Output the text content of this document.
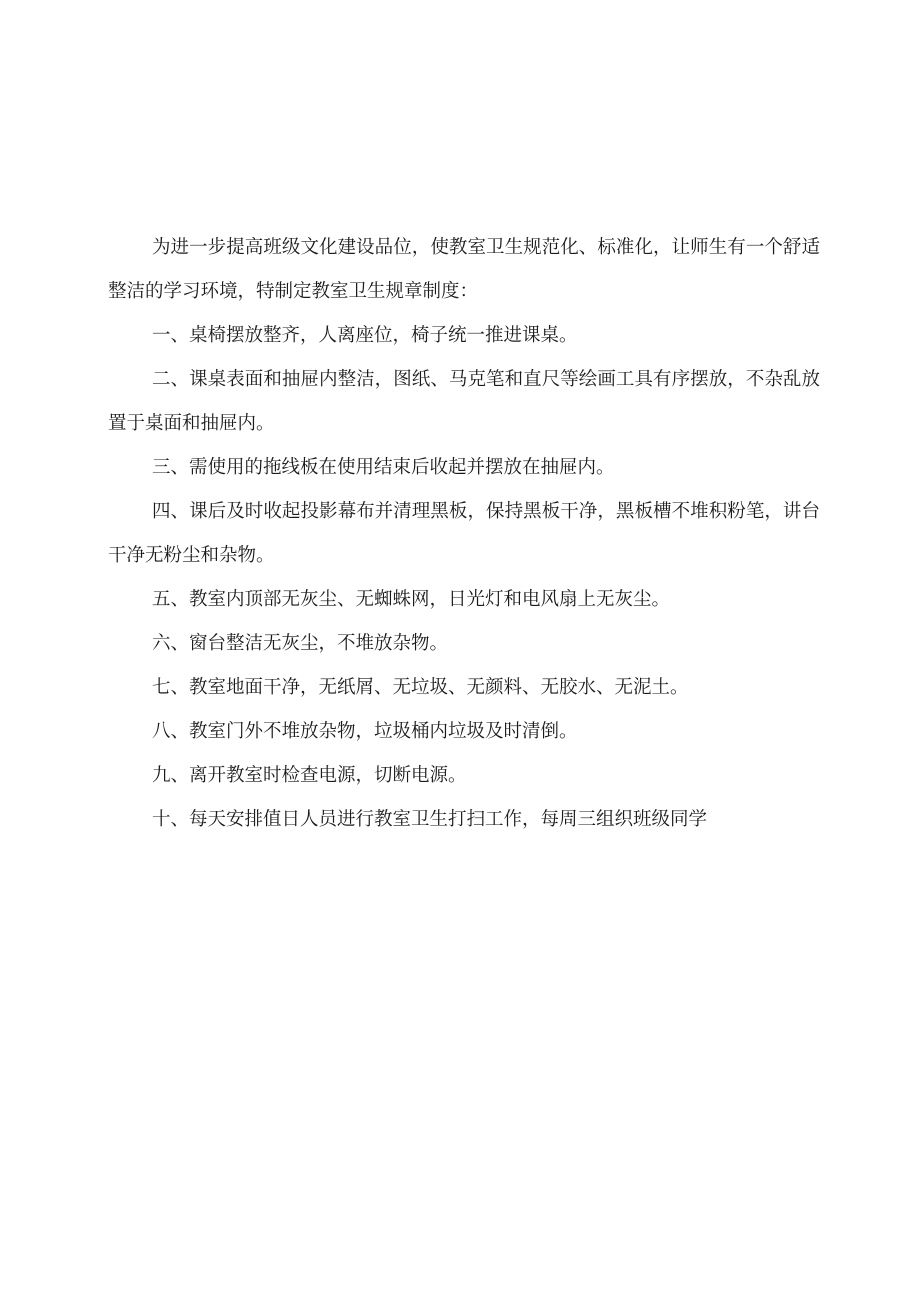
为进一步提高班级文化建设品位，使教室卫生规范化、标准化，让师生有一个舒适整洁的学习环境，特制定教室卫生规章制度：

一、桌椅摆放整齐，人离座位，椅子统一推进课桌。

二、课桌表面和抽屉内整洁，图纸、马克笔和直尺等绘画工具有序摆放，不杂乱放置于桌面和抽屉内。

三、需使用的拖线板在使用结束后收起并摆放在抽屉内。

四、课后及时收起投影幕布并清理黑板，保持黑板干净，黑板槽不堆积粉笔，讲台干净无粉尘和杂物。

五、教室内顶部无灰尘、无蜘蛛网，日光灯和电风扇上无灰尘。

六、窗台整洁无灰尘，不堆放杂物。

七、教室地面干净，无纸屑、无垃圾、无颜料、无胶水、无泥土。

八、教室门外不堆放杂物，垃圾桶内垃圾及时清倒。

九、离开教室时检查电源，切断电源。

十、每天安排值日人员进行教室卫生打扫工作，每周三组织班级同学
